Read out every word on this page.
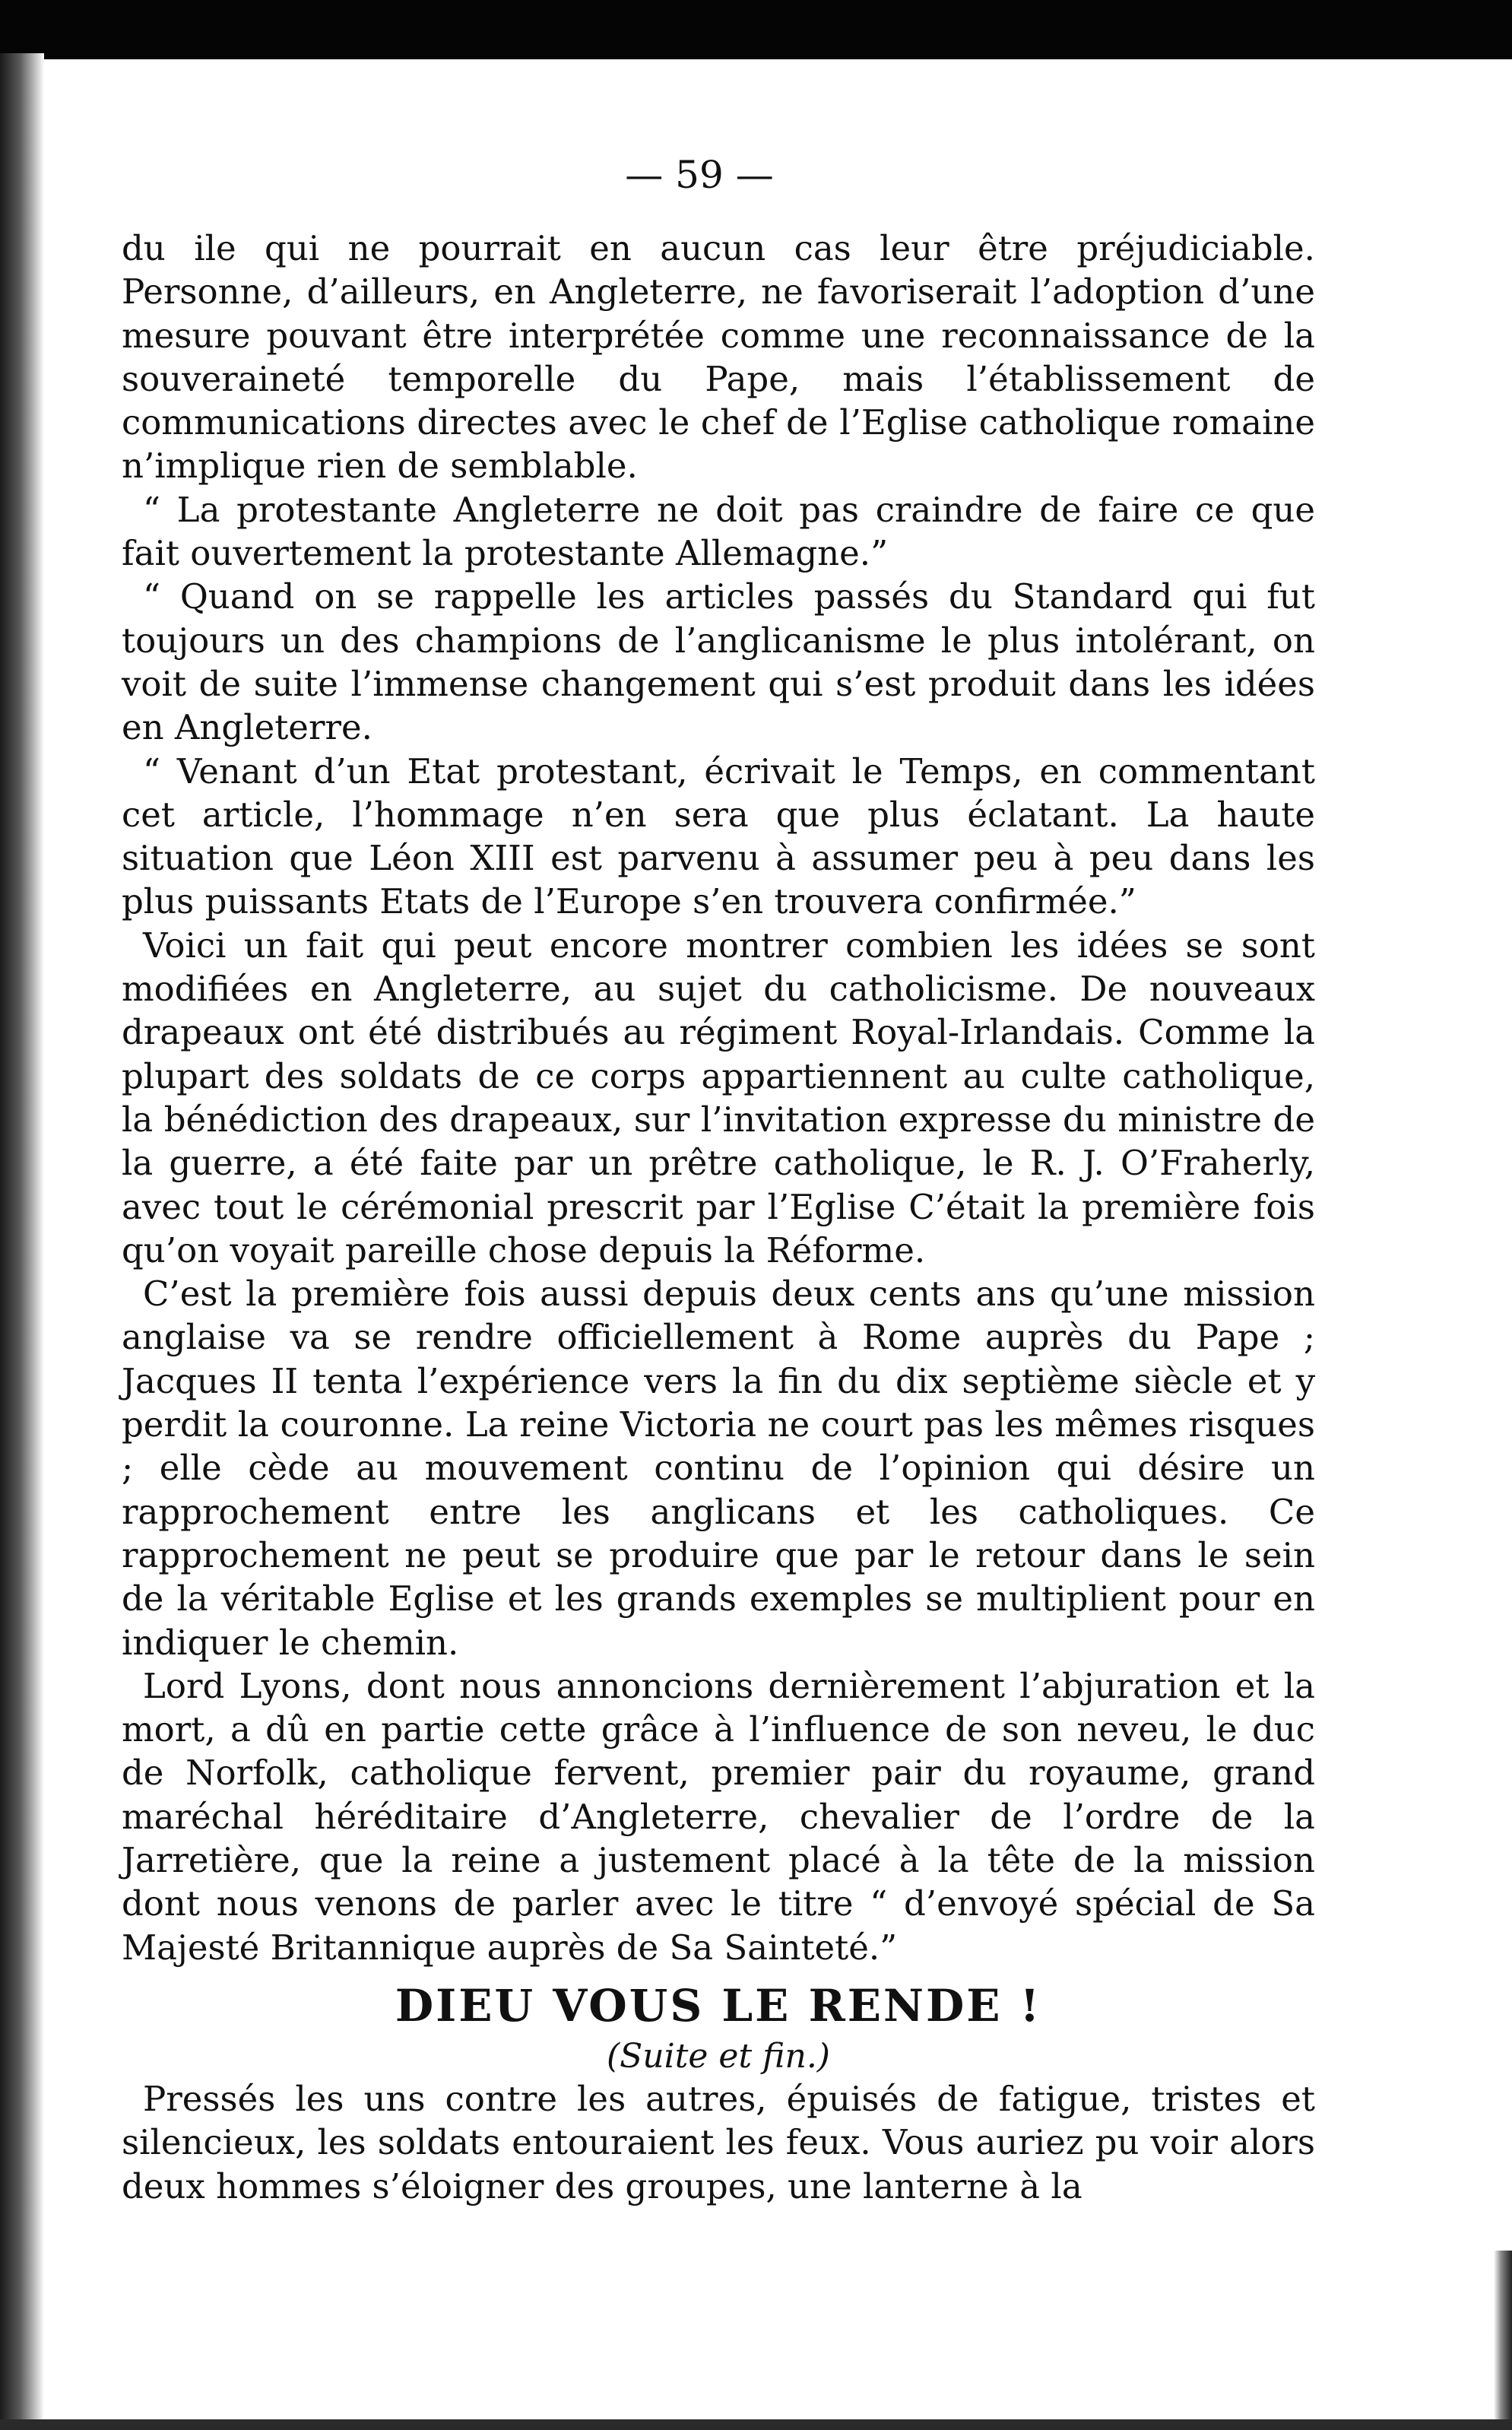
— 59 —

du ile qui ne pourrait en aucun cas leur être préjudiciable. Personne, d’ailleurs, en Angleterre, ne favoriserait l’adoption d’une mesure pouvant être interprétée comme une reconnaissance de la souveraineté temporelle du Pape, mais l’établissement de communications directes avec le chef de l’Eglise catholique romaine n’implique rien de semblable.

“ La protestante Angleterre ne doit pas craindre de faire ce que fait ouvertement la protestante Allemagne.”

“ Quand on se rappelle les articles passés du Standard qui fut toujours un des champions de l’anglicanisme le plus intolérant, on voit de suite l’immense changement qui s’est produit dans les idées en Angleterre.

“ Venant d’un Etat protestant, écrivait le Temps, en commentant cet article, l’hommage n’en sera que plus éclatant. La haute situation que Léon XIII est parvenu à assumer peu à peu dans les plus puissants Etats de l’Europe s’en trouvera confirmée.”

Voici un fait qui peut encore montrer combien les idées se sont modifiées en Angleterre, au sujet du catholicisme. De nouveaux drapeaux ont été distribués au régiment Royal-Irlandais. Comme la plupart des soldats de ce corps appartiennent au culte catholique, la bénédiction des drapeaux, sur l’invitation expresse du ministre de la guerre, a été faite par un prêtre catholique, le R. J. O’Fraherly, avec tout le cérémonial prescrit par l’Eglise C’était la première fois qu’on voyait pareille chose depuis la Réforme.

C’est la première fois aussi depuis deux cents ans qu’une mission anglaise va se rendre officiellement à Rome auprès du Pape ; Jacques II tenta l’expérience vers la fin du dix septième siècle et y perdit la couronne. La reine Victoria ne court pas les mêmes risques ; elle cède au mouvement continu de l’opinion qui désire un rapprochement entre les anglicans et les catholiques. Ce rapprochement ne peut se produire que par le retour dans le sein de la véritable Eglise et les grands exemples se multiplient pour en indiquer le chemin.

Lord Lyons, dont nous annoncions dernièrement l’abjuration et la mort, a dû en partie cette grâce à l’influence de son neveu, le duc de Norfolk, catholique fervent, premier pair du royaume, grand maréchal héréditaire d’Angleterre, chevalier de l’ordre de la Jarretière, que la reine a justement placé à la tête de la mission dont nous venons de parler avec le titre “ d’envoyé spécial de Sa Majesté Britannique auprès de Sa Sainteté.”

DIEU VOUS LE RENDE !
(Suite et fin.)

Pressés les uns contre les autres, épuisés de fatigue, tristes et silencieux, les soldats entouraient les feux. Vous auriez pu voir alors deux hommes s’éloigner des groupes, une lanterne à la
